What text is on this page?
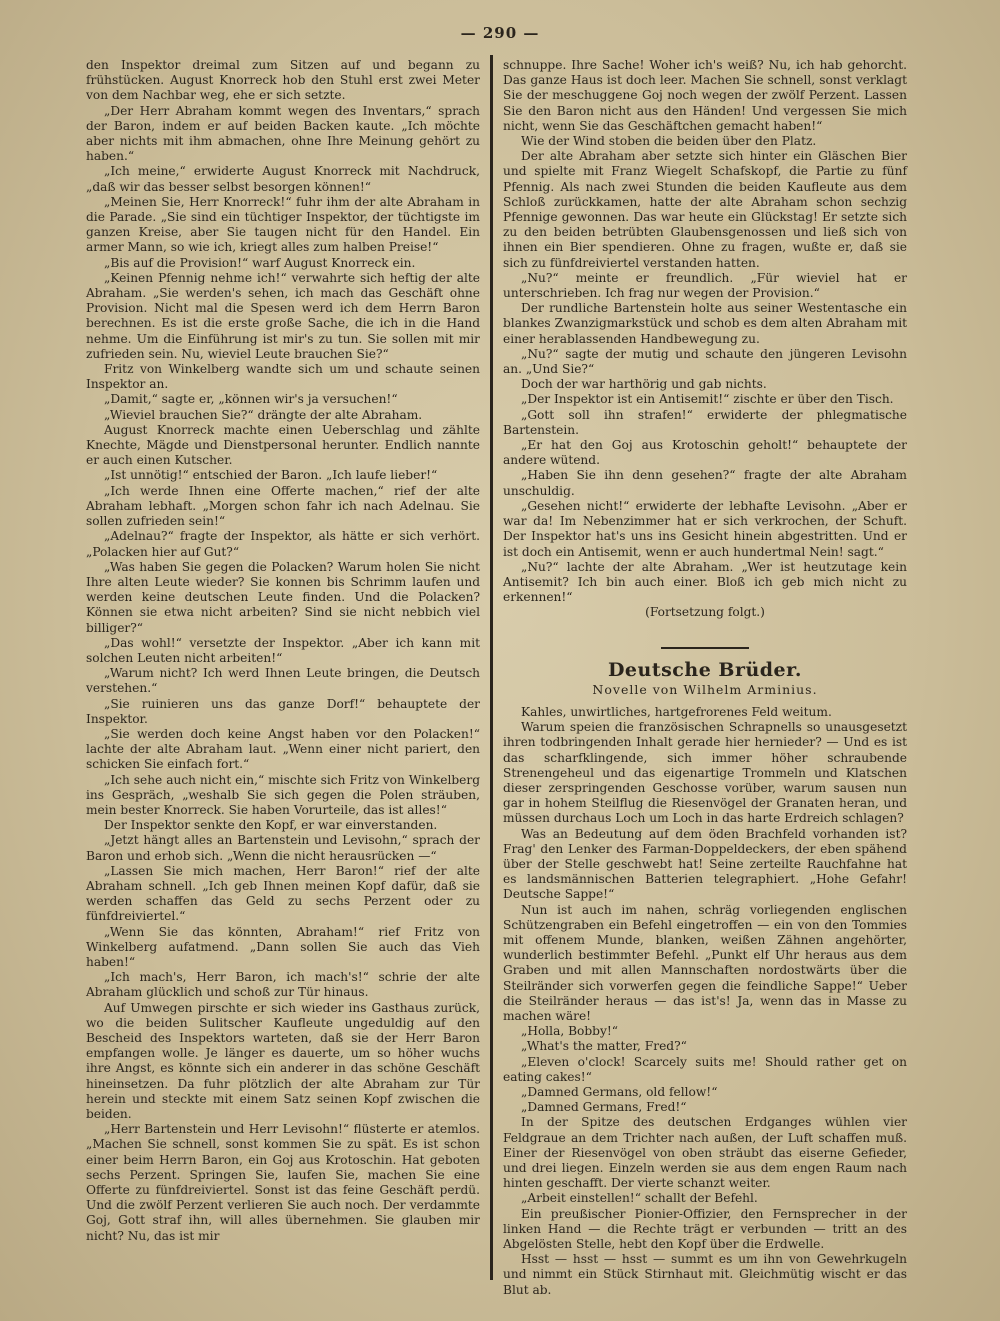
— 290 —

den Inspektor dreimal zum Sitzen auf und begann zu frühstücken. August Knorreck hob den Stuhl erst zwei Meter von dem Nachbar weg, ehe er sich setzte.

„Der Herr Abraham kommt wegen des Inventars,“ sprach der Baron, indem er auf beiden Backen kaute. „Ich möchte aber nichts mit ihm abmachen, ohne Ihre Meinung gehört zu haben.“

„Ich meine,“ erwiderte August Knorreck mit Nachdruck, „daß wir das besser selbst besorgen können!“

„Meinen Sie, Herr Knorreck!“ fuhr ihm der alte Abraham in die Parade. „Sie sind ein tüchtiger Inspektor, der tüchtigste im ganzen Kreise, aber Sie taugen nicht für den Handel. Ein armer Mann, so wie ich, kriegt alles zum halben Preise!“

„Bis auf die Provision!“ warf August Knorreck ein.

„Keinen Pfennig nehme ich!“ verwahrte sich heftig der alte Abraham. „Sie werden's sehen, ich mach das Geschäft ohne Provision. Nicht mal die Spesen werd ich dem Herrn Baron berechnen. Es ist die erste große Sache, die ich in die Hand nehme. Um die Einführung ist mir's zu tun. Sie sollen mit mir zufrieden sein. Nu, wieviel Leute brauchen Sie?“

Fritz von Winkelberg wandte sich um und schaute seinen Inspektor an.

„Damit,“ sagte er, „können wir's ja versuchen!“

„Wieviel brauchen Sie?“ drängte der alte Abraham.

August Knorreck machte einen Ueberschlag und zählte Knechte, Mägde und Dienstpersonal herunter. Endlich nannte er auch einen Kutscher.

„Ist unnötig!“ entschied der Baron. „Ich laufe lieber!“

„Ich werde Ihnen eine Offerte machen,“ rief der alte Abraham lebhaft. „Morgen schon fahr ich nach Adelnau. Sie sollen zufrieden sein!“

„Adelnau?“ fragte der Inspektor, als hätte er sich verhört. „Polacken hier auf Gut?“

„Was haben Sie gegen die Polacken? Warum holen Sie nicht Ihre alten Leute wieder? Sie konnen bis Schrimm laufen und werden keine deutschen Leute finden. Und die Polacken? Können sie etwa nicht arbeiten? Sind sie nicht nebbich viel billiger?“

„Das wohl!“ versetzte der Inspektor. „Aber ich kann mit solchen Leuten nicht arbeiten!“

„Warum nicht? Ich werd Ihnen Leute bringen, die Deutsch verstehen.“

„Sie ruinieren uns das ganze Dorf!“ behauptete der Inspektor.

„Sie werden doch keine Angst haben vor den Polacken!“ lachte der alte Abraham laut. „Wenn einer nicht pariert, den schicken Sie einfach fort.“

„Ich sehe auch nicht ein,“ mischte sich Fritz von Winkelberg ins Gespräch, „weshalb Sie sich gegen die Polen sträuben, mein bester Knorreck. Sie haben Vorurteile, das ist alles!“

Der Inspektor senkte den Kopf, er war einverstanden.

„Jetzt hängt alles an Bartenstein und Levisohn,“ sprach der Baron und erhob sich. „Wenn die nicht herausrücken —“

„Lassen Sie mich machen, Herr Baron!“ rief der alte Abraham schnell. „Ich geb Ihnen meinen Kopf dafür, daß sie werden schaffen das Geld zu sechs Perzent oder zu fünfdreiviertel.“

„Wenn Sie das könnten, Abraham!“ rief Fritz von Winkelberg aufatmend. „Dann sollen Sie auch das Vieh haben!“

„Ich mach's, Herr Baron, ich mach's!“ schrie der alte Abraham glücklich und schoß zur Tür hinaus.

Auf Umwegen pirschte er sich wieder ins Gasthaus zurück, wo die beiden Sulitscher Kaufleute ungeduldig auf den Bescheid des Inspektors warteten, daß sie der Herr Baron empfangen wolle. Je länger es dauerte, um so höher wuchs ihre Angst, es könnte sich ein anderer in das schöne Geschäft hineinsetzen. Da fuhr plötzlich der alte Abraham zur Tür herein und steckte mit einem Satz seinen Kopf zwischen die beiden.

„Herr Bartenstein und Herr Levisohn!“ flüsterte er atemlos. „Machen Sie schnell, sonst kommen Sie zu spät. Es ist schon einer beim Herrn Baron, ein Goj aus Krotoschin. Hat geboten sechs Perzent. Springen Sie, laufen Sie, machen Sie eine Offerte zu fünfdreiviertel. Sonst ist das feine Geschäft perdü. Und die zwölf Perzent verlieren Sie auch noch. Der verdammte Goj, Gott straf ihn, will alles übernehmen. Sie glauben mir nicht? Nu, das ist mir

schnuppe. Ihre Sache! Woher ich's weiß? Nu, ich hab gehorcht. Das ganze Haus ist doch leer. Machen Sie schnell, sonst verklagt Sie der meschuggene Goj noch wegen der zwölf Perzent. Lassen Sie den Baron nicht aus den Händen! Und vergessen Sie mich nicht, wenn Sie das Geschäftchen gemacht haben!“

Wie der Wind stoben die beiden über den Platz.

Der alte Abraham aber setzte sich hinter ein Gläschen Bier und spielte mit Franz Wiegelt Schafskopf, die Partie zu fünf Pfennig. Als nach zwei Stunden die beiden Kaufleute aus dem Schloß zurückkamen, hatte der alte Abraham schon sechzig Pfennige gewonnen. Das war heute ein Glückstag! Er setzte sich zu den beiden betrübten Glaubensgenossen und ließ sich von ihnen ein Bier spendieren. Ohne zu fragen, wußte er, daß sie sich zu fünfdreiviertel verstanden hatten.

„Nu?“ meinte er freundlich. „Für wieviel hat er unterschrieben. Ich frag nur wegen der Provision.“

Der rundliche Bartenstein holte aus seiner Westentasche ein blankes Zwanzigmarkstück und schob es dem alten Abraham mit einer herablassenden Handbewegung zu.

„Nu?“ sagte der mutig und schaute den jüngeren Levisohn an. „Und Sie?“

Doch der war harthörig und gab nichts.

„Der Inspektor ist ein Antisemit!“ zischte er über den Tisch.

„Gott soll ihn strafen!“ erwiderte der phlegmatische Bartenstein.

„Er hat den Goj aus Krotoschin geholt!“ behauptete der andere wütend.

„Haben Sie ihn denn gesehen?“ fragte der alte Abraham unschuldig.

„Gesehen nicht!“ erwiderte der lebhafte Levisohn. „Aber er war da! Im Nebenzimmer hat er sich verkrochen, der Schuft. Der Inspektor hat's uns ins Gesicht hinein abgestritten. Und er ist doch ein Antisemit, wenn er auch hundertmal Nein! sagt.“

„Nu?“ lachte der alte Abraham. „Wer ist heutzutage kein Antisemit? Ich bin auch einer. Bloß ich geb mich nicht zu erkennen!“

(Fortsetzung folgt.)

Deutsche Brüder.
Novelle von Wilhelm Arminius.

Kahles, unwirtliches, hartgefrorenes Feld weitum.

Warum speien die französischen Schrapnells so unausgesetzt ihren todbringenden Inhalt gerade hier hernieder? — Und es ist das scharfklingende, sich immer höher schraubende Strenengeheul und das eigenartige Trommeln und Klatschen dieser zerspringenden Geschosse vorüber, warum sausen nun gar in hohem Steilflug die Riesenvögel der Granaten heran, und müssen durchaus Loch um Loch in das harte Erdreich schlagen?

Was an Bedeutung auf dem öden Brachfeld vorhanden ist? Frag' den Lenker des Farman-Doppeldeckers, der eben spähend über der Stelle geschwebt hat! Seine zerteilte Rauchfahne hat es landsmännischen Batterien telegraphiert. „Hohe Gefahr! Deutsche Sappe!“

Nun ist auch im nahen, schräg vorliegenden englischen Schützengraben ein Befehl eingetroffen — ein von den Tommies mit offenem Munde, blanken, weißen Zähnen angehörter, wunderlich bestimmter Befehl. „Punkt elf Uhr heraus aus dem Graben und mit allen Mannschaften nordostwärts über die Steilränder sich vorwerfen gegen die feindliche Sappe!“ Ueber die Steilränder heraus — das ist's! Ja, wenn das in Masse zu machen wäre!

„Holla, Bobby!“

„What's the matter, Fred?“

„Eleven o'clock! Scarcely suits me! Should rather get on eating cakes!“

„Damned Germans, old fellow!“

„Damned Germans, Fred!“

In der Spitze des deutschen Erdganges wühlen vier Feldgraue an dem Trichter nach außen, der Luft schaffen muß. Einer der Riesenvögel von oben sträubt das eiserne Gefieder, und drei liegen. Einzeln werden sie aus dem engen Raum nach hinten geschafft. Der vierte schanzt weiter.

„Arbeit einstellen!“ schallt der Befehl.

Ein preußischer Pionier-Offizier, den Fernsprecher in der linken Hand — die Rechte trägt er verbunden — tritt an des Abgelösten Stelle, hebt den Kopf über die Erdwelle.

Hsst — hsst — hsst — summt es um ihn von Gewehrkugeln und nimmt ein Stück Stirnhaut mit. Gleichmütig wischt er das Blut ab.
